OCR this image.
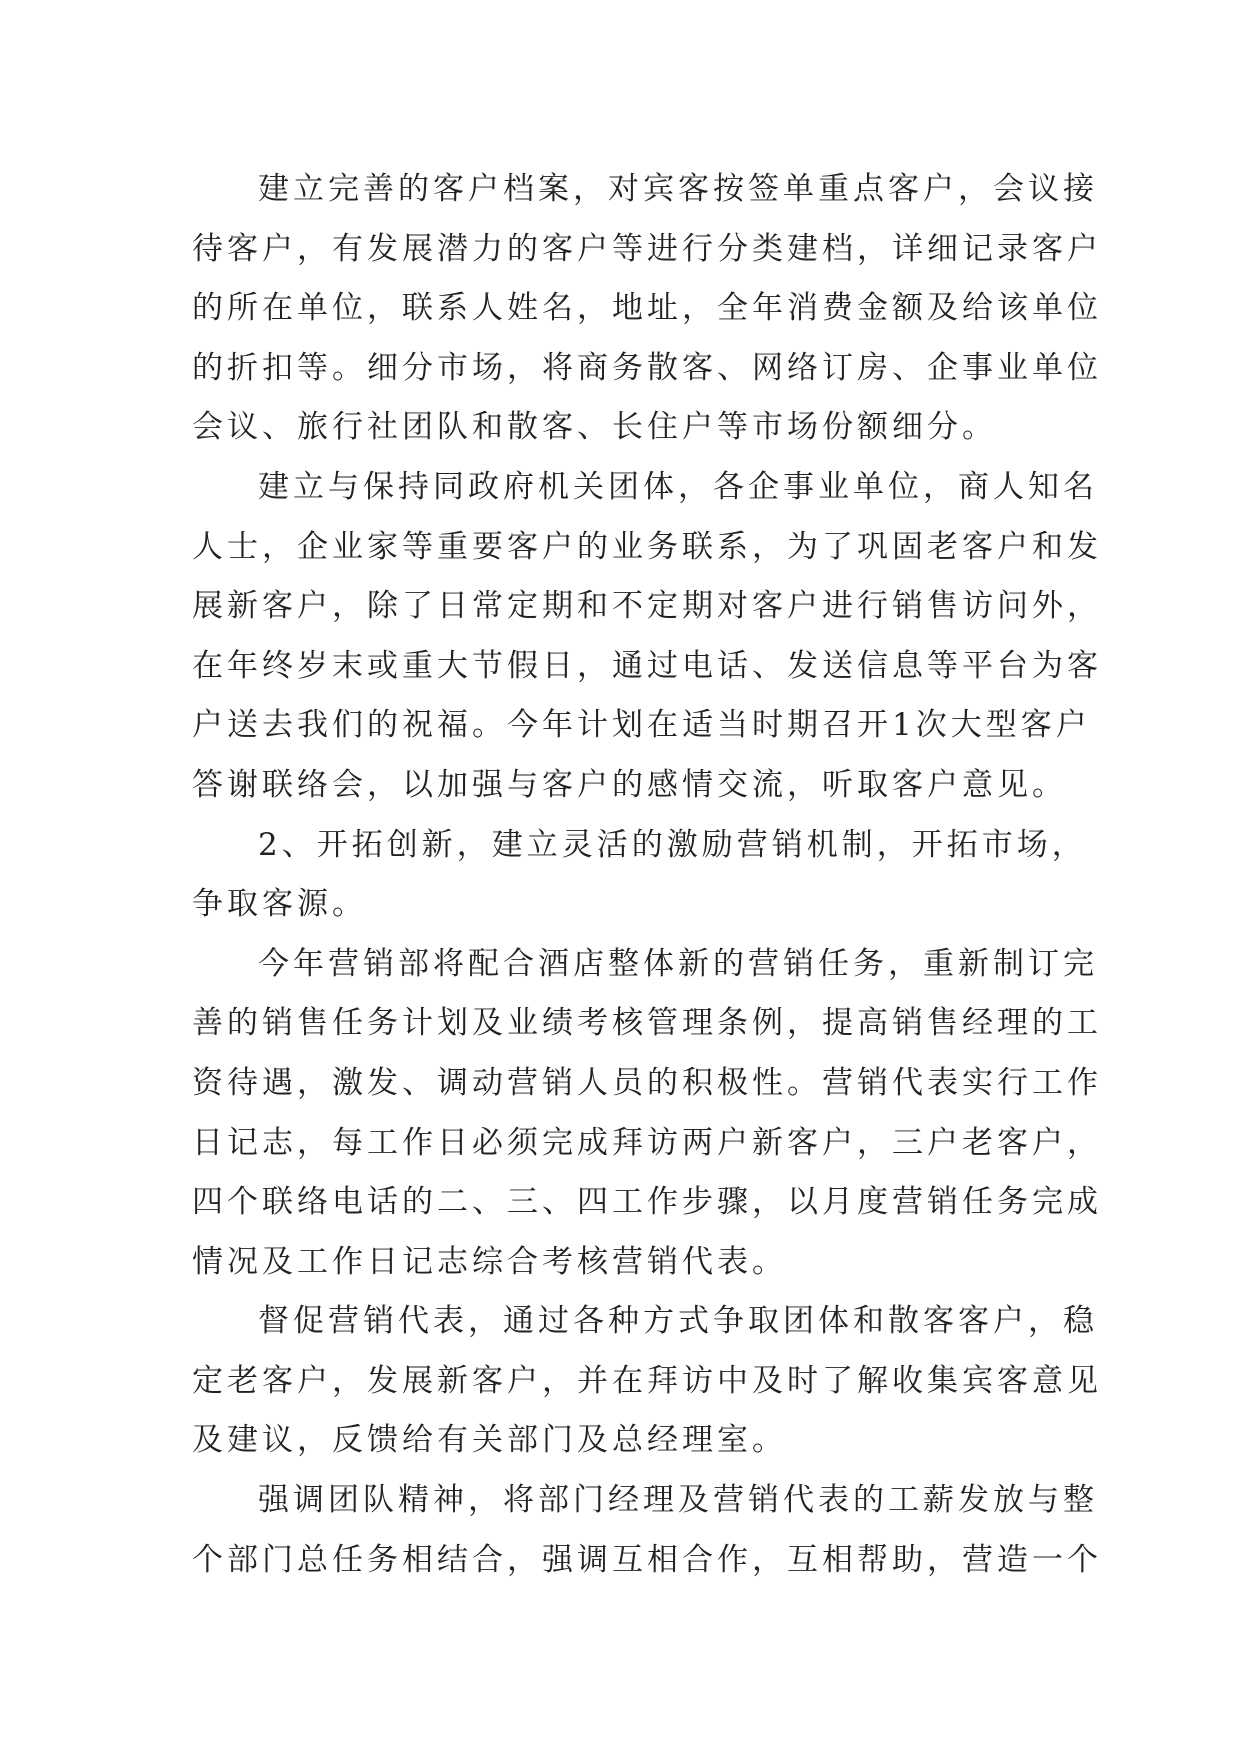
建立完善的客户档案，对宾客按签单重点客户，会议接
待客户，有发展潜力的客户等进行分类建档，详细记录客户
的所在单位，联系人姓名，地址，全年消费金额及给该单位
的折扣等。细分市场，将商务散客、网络订房、企事业单位
会议、旅行社团队和散客、长住户等市场份额细分。
建立与保持同政府机关团体，各企事业单位，商人知名
人士，企业家等重要客户的业务联系，为了巩固老客户和发
展新客户，除了日常定期和不定期对客户进行销售访问外，
在年终岁末或重大节假日，通过电话、发送信息等平台为客
户送去我们的祝福。今年计划在适当时期召开1次大型客户
答谢联络会，以加强与客户的感情交流，听取客户意见。
2、开拓创新，建立灵活的激励营销机制，开拓市场，
争取客源。
今年营销部将配合酒店整体新的营销任务，重新制订完
善的销售任务计划及业绩考核管理条例，提高销售经理的工
资待遇，激发、调动营销人员的积极性。营销代表实行工作
日记志，每工作日必须完成拜访两户新客户，三户老客户，
四个联络电话的二、三、四工作步骤，以月度营销任务完成
情况及工作日记志综合考核营销代表。
督促营销代表，通过各种方式争取团体和散客客户，稳
定老客户，发展新客户，并在拜访中及时了解收集宾客意见
及建议，反馈给有关部门及总经理室。
强调团队精神，将部门经理及营销代表的工薪发放与整
个部门总任务相结合，强调互相合作，互相帮助，营造一个
